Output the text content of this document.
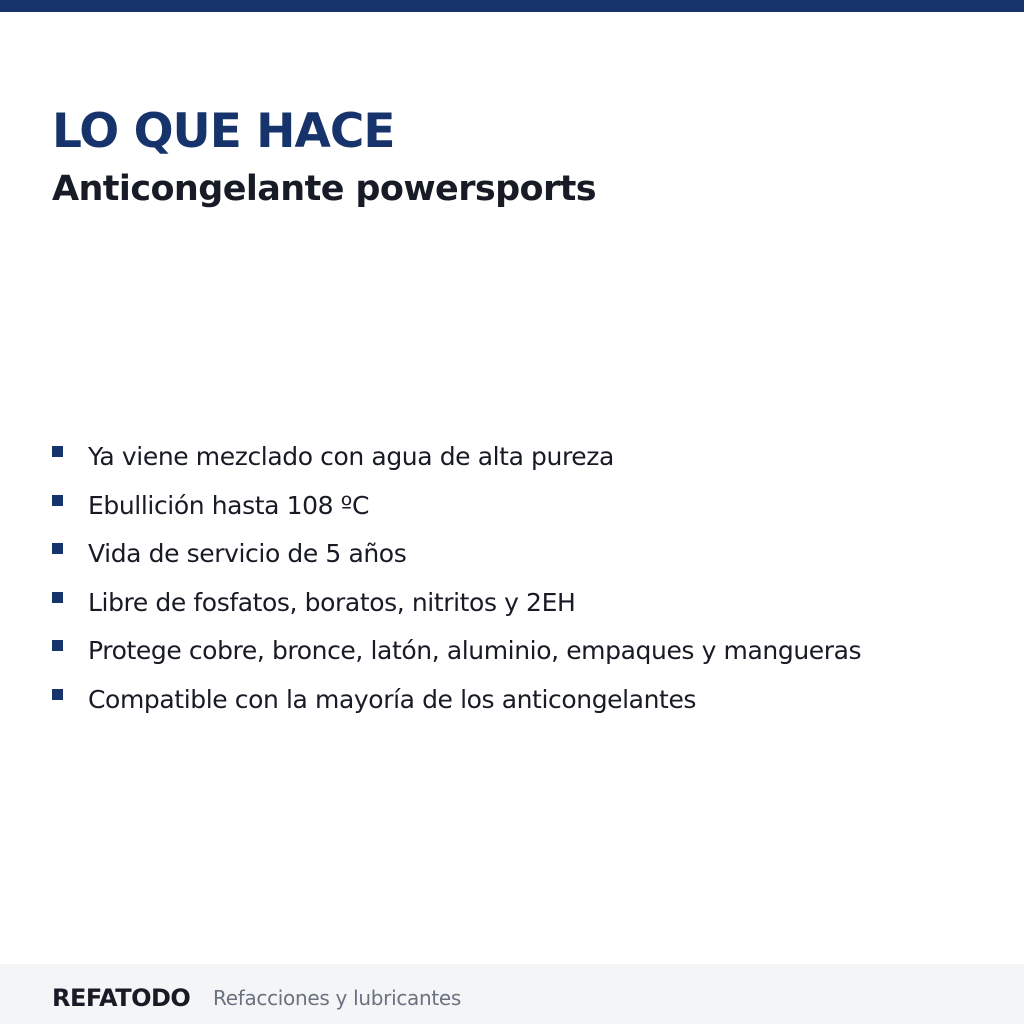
LO QUE HACE
Anticongelante powersports
Ya viene mezclado con agua de alta pureza
Ebullición hasta 108 ºC
Vida de servicio de 5 años
Libre de fosfatos, boratos, nitritos y 2EH
Protege cobre, bronce, latón, aluminio, empaques y mangueras
Compatible con la mayoría de los anticongelantes
REFATODO Refacciones y lubricantes
